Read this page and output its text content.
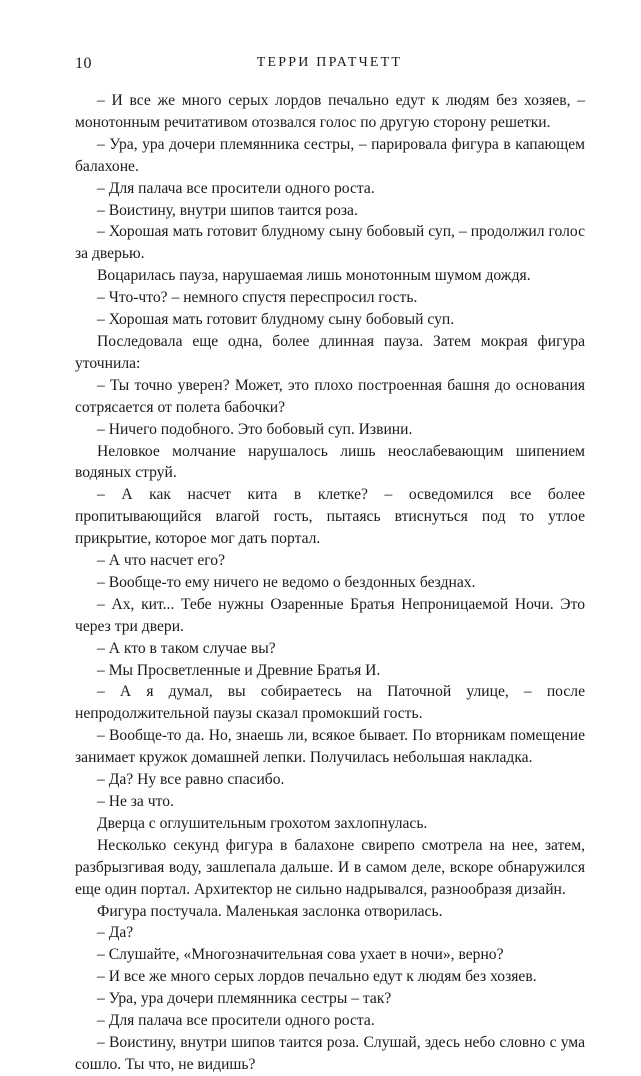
10	ТЕРРИ ПРАТЧЕТТ

– И все же много серых лордов печально едут к людям без хозяев, – монотонным речитативом отозвался голос по другую сторону решетки.

– Ура, ура дочери племянника сестры, – парировала фигура в капающем балахоне.

– Для палача все просители одного роста.

– Воистину, внутри шипов таится роза.

– Хорошая мать готовит блудному сыну бобовый суп, – продолжил голос за дверью.

Воцарилась пауза, нарушаемая лишь монотонным шумом дождя.

– Что-что? – немного спустя переспросил гость.

– Хорошая мать готовит блудному сыну бобовый суп.

Последовала еще одна, более длинная пауза. Затем мокрая фигура уточнила:

– Ты точно уверен? Может, это плохо построенная башня до основания сотрясается от полета бабочки?

– Ничего подобного. Это бобовый суп. Извини.

Неловкое молчание нарушалось лишь неослабевающим шипением водяных струй.

– А как насчет кита в клетке? – осведомился все более пропитывающийся влагой гость, пытаясь втиснуться под то утлое прикрытие, которое мог дать портал.

– А что насчет его?

– Вообще-то ему ничего не ведомо о бездонных безднах.

– Ах, кит... Тебе нужны Озаренные Братья Непроницаемой Ночи. Это через три двери.

– А кто в таком случае вы?

– Мы Просветленные и Древние Братья И.

– А я думал, вы собираетесь на Паточной улице, – после непродолжительной паузы сказал промокший гость.

– Вообще-то да. Но, знаешь ли, всякое бывает. По вторникам помещение занимает кружок домашней лепки. Получилась небольшая накладка.

– Да? Ну все равно спасибо.

– Не за что.

Дверца с оглушительным грохотом захлопнулась.

Несколько секунд фигура в балахоне свирепо смотрела на нее, затем, разбрызгивая воду, зашлепала дальше. И в самом деле, вскоре обнаружился еще один портал. Архитектор не сильно надрывался, разнообразя дизайн.

Фигура постучала. Маленькая заслонка отворилась.

– Да?

– Слушайте, «Многозначительная сова ухает в ночи», верно?

– И все же много серых лордов печально едут к людям без хозяев.

– Ура, ура дочери племянника сестры – так?

– Для палача все просители одного роста.

– Воистину, внутри шипов таится роза. Слушай, здесь небо словно с ума сошло. Ты что, не видишь?
